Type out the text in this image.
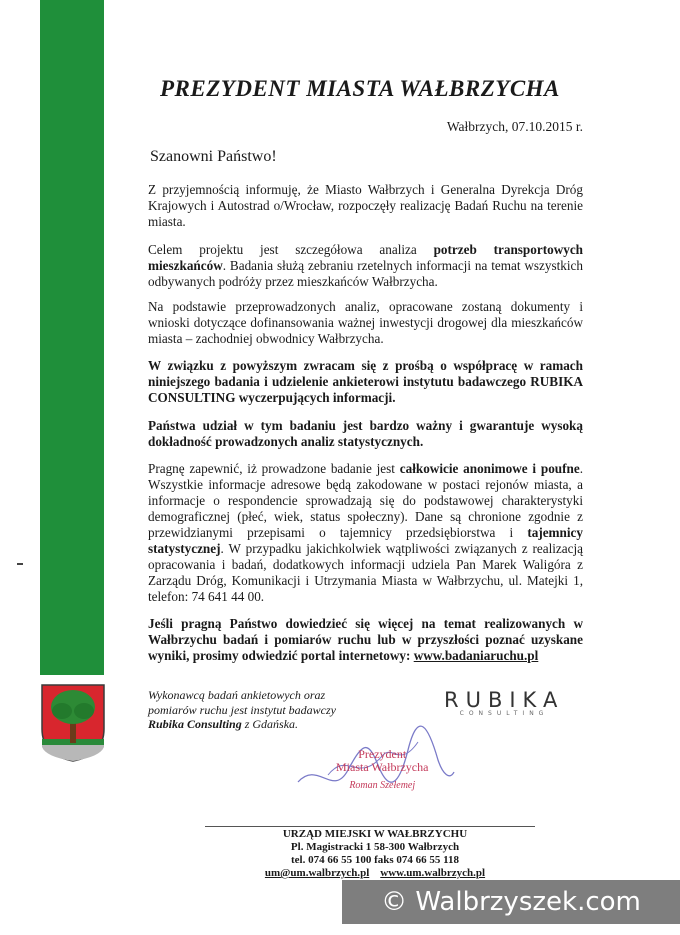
PREZYDENT MIASTA WAŁBRZYCHA
Wałbrzych, 07.10.2015 r.
Szanowni Państwo!
Z przyjemnością informuję, że Miasto Wałbrzych i Generalna Dyrekcja Dróg Krajowych i Autostrad o/Wrocław, rozpoczęły realizację Badań Ruchu na terenie miasta.
Celem projektu jest szczegółowa analiza potrzeb transportowych mieszkańców. Badania służą zebraniu rzetelnych informacji na temat wszystkich odbywanych podróży przez mieszkańców Wałbrzycha.
Na podstawie przeprowadzonych analiz, opracowane zostaną dokumenty i wnioski dotyczące dofinansowania ważnej inwestycji drogowej dla mieszkańców miasta – zachodniej obwodnicy Wałbrzycha.
W związku z powyższym zwracam się z prośbą o współpracę w ramach niniejszego badania i udzielenie ankieterowi instytutu badawczego RUBIKA CONSULTING wyczerpujących informacji.
Państwa udział w tym badaniu jest bardzo ważny i gwarantuje wysoką dokładność prowadzonych analiz statystycznych.
Pragnę zapewnić, iż prowadzone badanie jest całkowicie anonimowe i poufne. Wszystkie informacje adresowe będą zakodowane w postaci rejonów miasta, a informacje o respondencie sprowadzają się do podstawowej charakterystyki demograficznej (płeć, wiek, status społeczny). Dane są chronione zgodnie z przewidzianymi przepisami o tajemnicy przedsiębiorstwa i tajemnicy statystycznej. W przypadku jakichkolwiek wątpliwości związanych z realizacją opracowania i badań, dodatkowych informacji udziela Pan Marek Waligóra z Zarządu Dróg, Komunikacji i Utrzymania Miasta w Wałbrzychu, ul. Matejki 1, telefon: 74 641 44 00.
Jeśli pragną Państwo dowiedzieć się więcej na temat realizowanych w Wałbrzychu badań i pomiarów ruchu lub w przyszłości poznać uzyskane wyniki, prosimy odwiedzić portal internetowy: www.badaniaruchu.pl
Wykonawcą badań ankietowych oraz pomiarów ruchu jest instytut badawczy Rubika Consulting z Gdańska.
RUBIKA
CONSULTING
Prezydent
Miasta Wałbrzycha
Roman Szełemej
URZĄD MIEJSKI W WAŁBRZYCHU
Pl. Magistracki 1 58-300 Wałbrzych
tel. 074 66 55 100 faks 074 66 55 118
um@um.walbrzych.pl www.um.walbrzych.pl
© Walbrzyszek.com
